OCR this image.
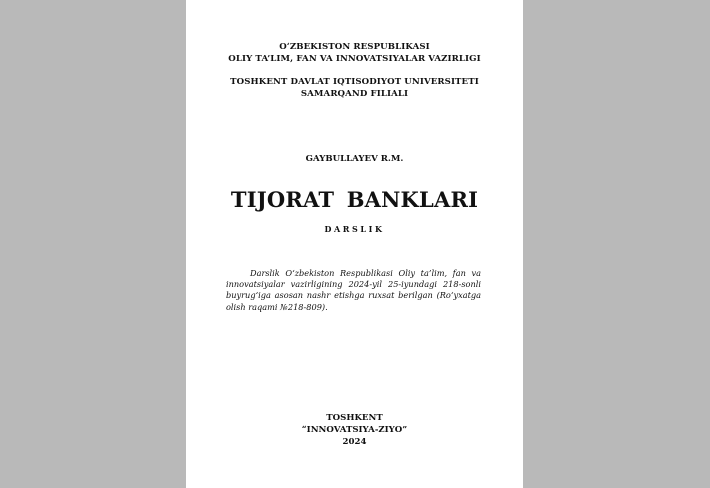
O‘ZBEKISTON RESPUBLIKASI
OLIY TA’LIM, FAN VA INNOVATSIYALAR VAZIRLIGI
TOSHKENT DAVLAT IQTISODIYOT UNIVERSITETI
SAMARQAND FILIALI
GAYBULLAYEV R.M.
TIJORAT BANKLARI
DARSLIK
Darslik O‘zbekiston Respublikasi Oliy ta’lim, fan va innovatsiyalar vazirligining 2024-yil 25-iyundagi 218-sonli buyrug‘iga asosan nashr etishga ruxsat berilgan (Ro‘yxatga olish raqami №218-809).
TOSHKENT
“INNOVATSIYA-ZIYO”
2024
